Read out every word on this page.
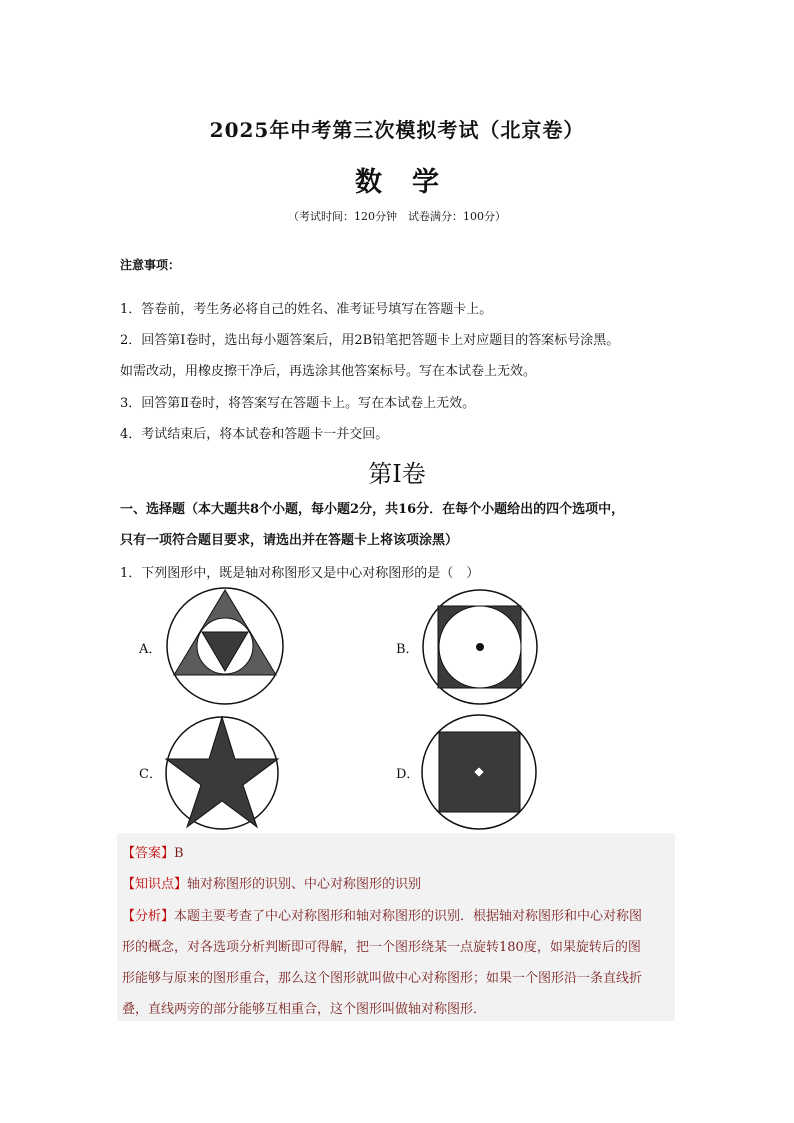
2025年中考第三次模拟考试（北京卷）
数学
（考试时间：120分钟　试卷满分：100分）
注意事项：
1．答卷前，考生务必将自己的姓名、准考证号填写在答题卡上。
2．回答第Ⅰ卷时，选出每小题答案后，用2B铅笔把答题卡上对应题目的答案标号涂黑。
如需改动，用橡皮擦干净后，再选涂其他答案标号。写在本试卷上无效。
3．回答第Ⅱ卷时，将答案写在答题卡上。写在本试卷上无效。
4．考试结束后，将本试卷和答题卡一并交回。
第Ⅰ卷
一、选择题（本大题共8个小题，每小题2分，共16分．在每个小题给出的四个选项中，
只有一项符合题目要求，请选出并在答题卡上将该项涂黑）
1．下列图形中，既是轴对称图形又是中心对称图形的是（　）
A．	B．
C．	D．
【答案】B
【知识点】轴对称图形的识别、中心对称图形的识别
【分析】本题主要考查了中心对称图形和轴对称图形的识别．根据轴对称图形和中心对称图
形的概念，对各选项分析判断即可得解，把一个图形绕某一点旋转180度，如果旋转后的图
形能够与原来的图形重合，那么这个图形就叫做中心对称图形；如果一个图形沿一条直线折
叠，直线两旁的部分能够互相重合，这个图形叫做轴对称图形．
